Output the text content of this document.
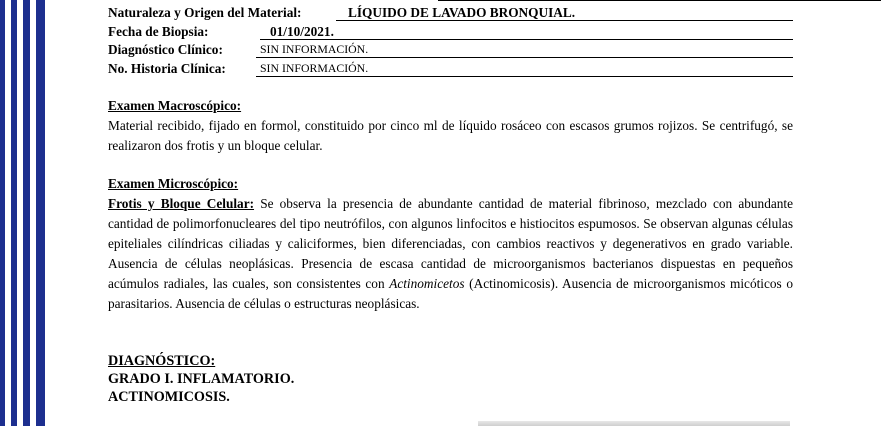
Naturaleza y Origen del Material:	LÍQUIDO DE LAVADO BRONQUIAL.
Fecha de Biopsia:	01/10/2021.
Diagnóstico Clínico:	SIN INFORMACIÓN.
No. Historia Clínica:	SIN INFORMACIÓN.
Examen Macroscópico:
Material recibido, fijado en formol, constituido por cinco ml de líquido rosáceo con escasos grumos rojizos. Se centrifugó, se realizaron dos frotis y un bloque celular.
Examen Microscópico:
Frotis y Bloque Celular: Se observa la presencia de abundante cantidad de material fibrinoso, mezclado con abundante cantidad de polimorfonucleares del tipo neutrófilos, con algunos linfocitos e histiocitos espumosos. Se observan algunas células epiteliales cilíndricas ciliadas y caliciformes, bien diferenciadas, con cambios reactivos y degenerativos en grado variable. Ausencia de células neoplásicas. Presencia de escasa cantidad de microorganismos bacterianos dispuestas en pequeños acúmulos radiales, las cuales, son consistentes con Actinomicetos (Actinomicosis). Ausencia de microorganismos micóticos o parasitarios. Ausencia de células o estructuras neoplásicas.
DIAGNÓSTICO:
GRADO I. INFLAMATORIO.
ACTINOMICOSIS.
